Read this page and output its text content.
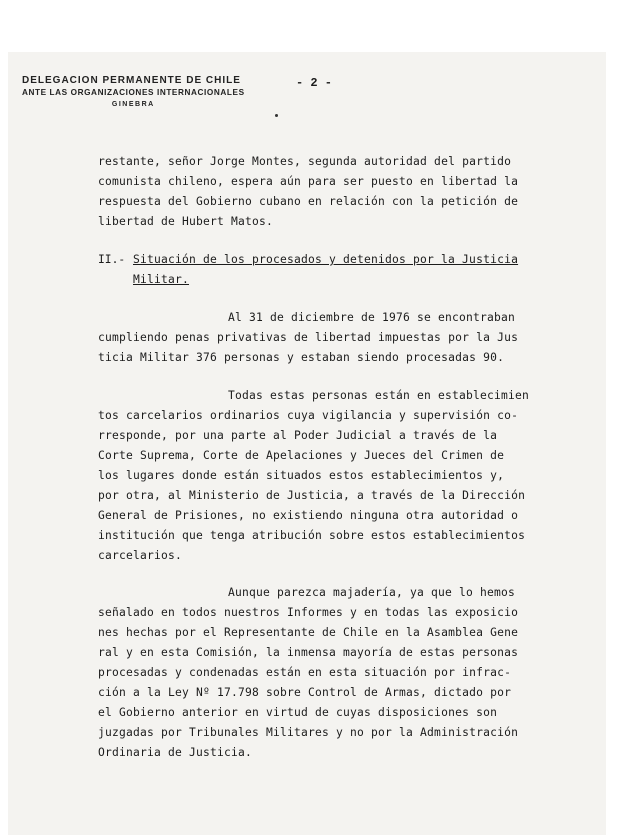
DELEGACION PERMANENTE DE CHILE
ANTE LAS ORGANIZACIONES INTERNACIONALES
GINEBRA
- 2 -
restante, señor Jorge Montes, segunda autoridad del partido
comunista chileno, espera aún para ser puesto en libertad la
respuesta del Gobierno cubano en relación con la petición de
libertad de Hubert Matos.
II.- Situación de los procesados y detenidos por la Justicia
Militar.
Al 31 de diciembre de 1976 se encontraban
cumpliendo penas privativas de libertad impuestas por la Jus
ticia Militar 376 personas y estaban siendo procesadas 90.
Todas estas personas están en establecimien
tos carcelarios ordinarios cuya vigilancia y supervisión co-
rresponde, por una parte al Poder Judicial a través de la
Corte Suprema, Corte de Apelaciones y Jueces del Crimen de
los lugares donde están situados estos establecimientos y,
por otra, al Ministerio de Justicia, a través de la Dirección
General de Prisiones, no existiendo ninguna otra autoridad o
institución que tenga atribución sobre estos establecimientos
carcelarios.
Aunque parezca majadería, ya que lo hemos
señalado en todos nuestros Informes y en todas las exposicio
nes hechas por el Representante de Chile en la Asamblea Gene
ral y en esta Comisión, la inmensa mayoría de estas personas
procesadas y condenadas están en esta situación por infrac-
ción a la Ley Nº 17.798 sobre Control de Armas, dictado por
el Gobierno anterior en virtud de cuyas disposiciones son
juzgadas por Tribunales Militares y no por la Administración
Ordinaria de Justicia.
